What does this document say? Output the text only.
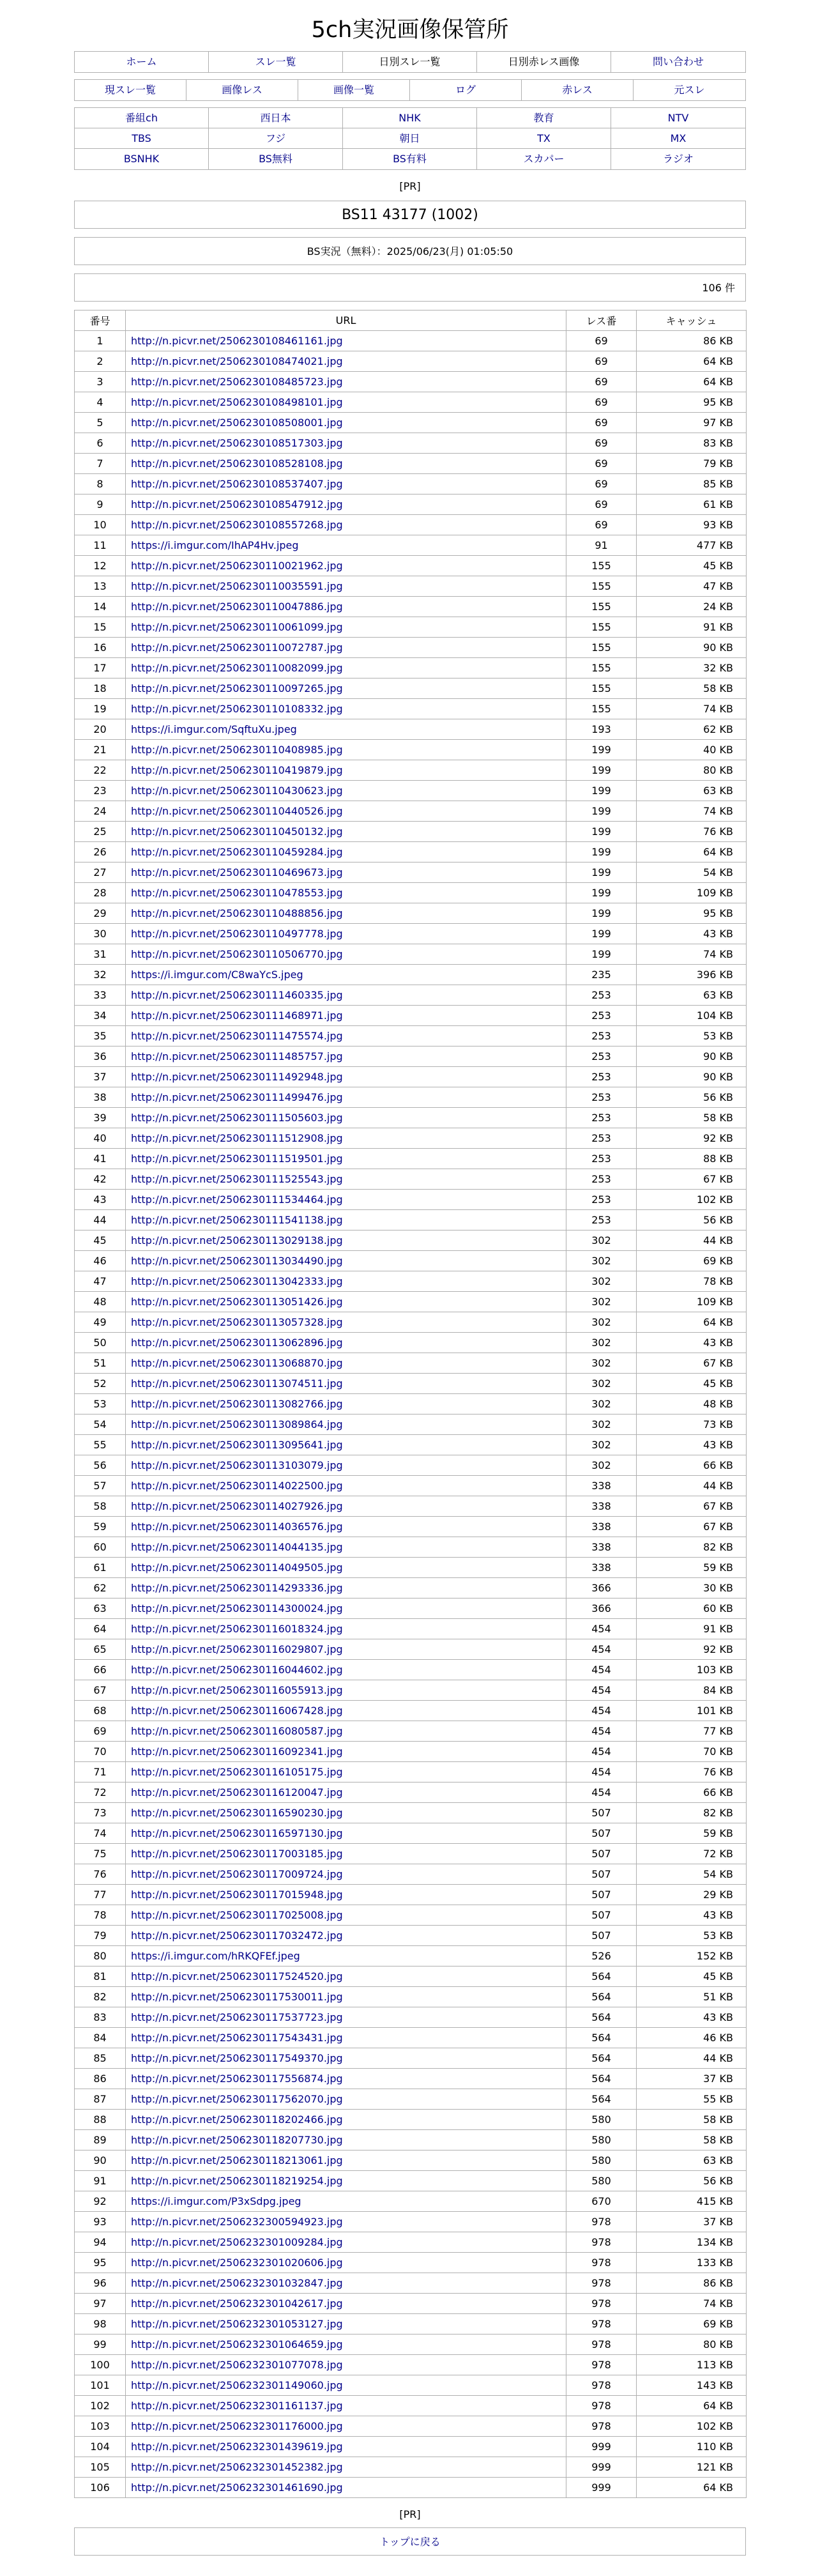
5ch実況画像保管所
ホーム	スレ一覧	日別スレ一覧	日別赤レス画像	問い合わせ
現スレ一覧	画像レス	画像一覧	ログ	赤レス	元スレ
番組ch	西日本	NHK	教育	NTV
TBS	フジ	朝日	TX	MX
BSNHK	BS無料	BS有料	スカパー	ラジオ
[PR]
BS11 43177 (1002)
BS実況（無料）：2025/06/23(月) 01:05:50
106 件
番号	URL	レス番	キャッシュ
1	http://n.picvr.net/2506230108461161.jpg	69	86 KB
2	http://n.picvr.net/2506230108474021.jpg	69	64 KB
3	http://n.picvr.net/2506230108485723.jpg	69	64 KB
4	http://n.picvr.net/2506230108498101.jpg	69	95 KB
5	http://n.picvr.net/2506230108508001.jpg	69	97 KB
6	http://n.picvr.net/2506230108517303.jpg	69	83 KB
7	http://n.picvr.net/2506230108528108.jpg	69	79 KB
8	http://n.picvr.net/2506230108537407.jpg	69	85 KB
9	http://n.picvr.net/2506230108547912.jpg	69	61 KB
10	http://n.picvr.net/2506230108557268.jpg	69	93 KB
11	https://i.imgur.com/IhAP4Hv.jpeg	91	477 KB
12	http://n.picvr.net/2506230110021962.jpg	155	45 KB
13	http://n.picvr.net/2506230110035591.jpg	155	47 KB
14	http://n.picvr.net/2506230110047886.jpg	155	24 KB
15	http://n.picvr.net/2506230110061099.jpg	155	91 KB
16	http://n.picvr.net/2506230110072787.jpg	155	90 KB
17	http://n.picvr.net/2506230110082099.jpg	155	32 KB
18	http://n.picvr.net/2506230110097265.jpg	155	58 KB
19	http://n.picvr.net/2506230110108332.jpg	155	74 KB
20	https://i.imgur.com/SqftuXu.jpeg	193	62 KB
21	http://n.picvr.net/2506230110408985.jpg	199	40 KB
22	http://n.picvr.net/2506230110419879.jpg	199	80 KB
23	http://n.picvr.net/2506230110430623.jpg	199	63 KB
24	http://n.picvr.net/2506230110440526.jpg	199	74 KB
25	http://n.picvr.net/2506230110450132.jpg	199	76 KB
26	http://n.picvr.net/2506230110459284.jpg	199	64 KB
27	http://n.picvr.net/2506230110469673.jpg	199	54 KB
28	http://n.picvr.net/2506230110478553.jpg	199	109 KB
29	http://n.picvr.net/2506230110488856.jpg	199	95 KB
30	http://n.picvr.net/2506230110497778.jpg	199	43 KB
31	http://n.picvr.net/2506230110506770.jpg	199	74 KB
32	https://i.imgur.com/C8waYcS.jpeg	235	396 KB
33	http://n.picvr.net/2506230111460335.jpg	253	63 KB
34	http://n.picvr.net/2506230111468971.jpg	253	104 KB
35	http://n.picvr.net/2506230111475574.jpg	253	53 KB
36	http://n.picvr.net/2506230111485757.jpg	253	90 KB
37	http://n.picvr.net/2506230111492948.jpg	253	90 KB
38	http://n.picvr.net/2506230111499476.jpg	253	56 KB
39	http://n.picvr.net/2506230111505603.jpg	253	58 KB
40	http://n.picvr.net/2506230111512908.jpg	253	92 KB
41	http://n.picvr.net/2506230111519501.jpg	253	88 KB
42	http://n.picvr.net/2506230111525543.jpg	253	67 KB
43	http://n.picvr.net/2506230111534464.jpg	253	102 KB
44	http://n.picvr.net/2506230111541138.jpg	253	56 KB
45	http://n.picvr.net/2506230113029138.jpg	302	44 KB
46	http://n.picvr.net/2506230113034490.jpg	302	69 KB
47	http://n.picvr.net/2506230113042333.jpg	302	78 KB
48	http://n.picvr.net/2506230113051426.jpg	302	109 KB
49	http://n.picvr.net/2506230113057328.jpg	302	64 KB
50	http://n.picvr.net/2506230113062896.jpg	302	43 KB
51	http://n.picvr.net/2506230113068870.jpg	302	67 KB
52	http://n.picvr.net/2506230113074511.jpg	302	45 KB
53	http://n.picvr.net/2506230113082766.jpg	302	48 KB
54	http://n.picvr.net/2506230113089864.jpg	302	73 KB
55	http://n.picvr.net/2506230113095641.jpg	302	43 KB
56	http://n.picvr.net/2506230113103079.jpg	302	66 KB
57	http://n.picvr.net/2506230114022500.jpg	338	44 KB
58	http://n.picvr.net/2506230114027926.jpg	338	67 KB
59	http://n.picvr.net/2506230114036576.jpg	338	67 KB
60	http://n.picvr.net/2506230114044135.jpg	338	82 KB
61	http://n.picvr.net/2506230114049505.jpg	338	59 KB
62	http://n.picvr.net/2506230114293336.jpg	366	30 KB
63	http://n.picvr.net/2506230114300024.jpg	366	60 KB
64	http://n.picvr.net/2506230116018324.jpg	454	91 KB
65	http://n.picvr.net/2506230116029807.jpg	454	92 KB
66	http://n.picvr.net/2506230116044602.jpg	454	103 KB
67	http://n.picvr.net/2506230116055913.jpg	454	84 KB
68	http://n.picvr.net/2506230116067428.jpg	454	101 KB
69	http://n.picvr.net/2506230116080587.jpg	454	77 KB
70	http://n.picvr.net/2506230116092341.jpg	454	70 KB
71	http://n.picvr.net/2506230116105175.jpg	454	76 KB
72	http://n.picvr.net/2506230116120047.jpg	454	66 KB
73	http://n.picvr.net/2506230116590230.jpg	507	82 KB
74	http://n.picvr.net/2506230116597130.jpg	507	59 KB
75	http://n.picvr.net/2506230117003185.jpg	507	72 KB
76	http://n.picvr.net/2506230117009724.jpg	507	54 KB
77	http://n.picvr.net/2506230117015948.jpg	507	29 KB
78	http://n.picvr.net/2506230117025008.jpg	507	43 KB
79	http://n.picvr.net/2506230117032472.jpg	507	53 KB
80	https://i.imgur.com/hRKQFEf.jpeg	526	152 KB
81	http://n.picvr.net/2506230117524520.jpg	564	45 KB
82	http://n.picvr.net/2506230117530011.jpg	564	51 KB
83	http://n.picvr.net/2506230117537723.jpg	564	43 KB
84	http://n.picvr.net/2506230117543431.jpg	564	46 KB
85	http://n.picvr.net/2506230117549370.jpg	564	44 KB
86	http://n.picvr.net/2506230117556874.jpg	564	37 KB
87	http://n.picvr.net/2506230117562070.jpg	564	55 KB
88	http://n.picvr.net/2506230118202466.jpg	580	58 KB
89	http://n.picvr.net/2506230118207730.jpg	580	58 KB
90	http://n.picvr.net/2506230118213061.jpg	580	63 KB
91	http://n.picvr.net/2506230118219254.jpg	580	56 KB
92	https://i.imgur.com/P3xSdpg.jpeg	670	415 KB
93	http://n.picvr.net/2506232300594923.jpg	978	37 KB
94	http://n.picvr.net/2506232301009284.jpg	978	134 KB
95	http://n.picvr.net/2506232301020606.jpg	978	133 KB
96	http://n.picvr.net/2506232301032847.jpg	978	86 KB
97	http://n.picvr.net/2506232301042617.jpg	978	74 KB
98	http://n.picvr.net/2506232301053127.jpg	978	69 KB
99	http://n.picvr.net/2506232301064659.jpg	978	80 KB
100	http://n.picvr.net/2506232301077078.jpg	978	113 KB
101	http://n.picvr.net/2506232301149060.jpg	978	143 KB
102	http://n.picvr.net/2506232301161137.jpg	978	64 KB
103	http://n.picvr.net/2506232301176000.jpg	978	102 KB
104	http://n.picvr.net/2506232301439619.jpg	999	110 KB
105	http://n.picvr.net/2506232301452382.jpg	999	121 KB
106	http://n.picvr.net/2506232301461690.jpg	999	64 KB
[PR]
トップに戻る
